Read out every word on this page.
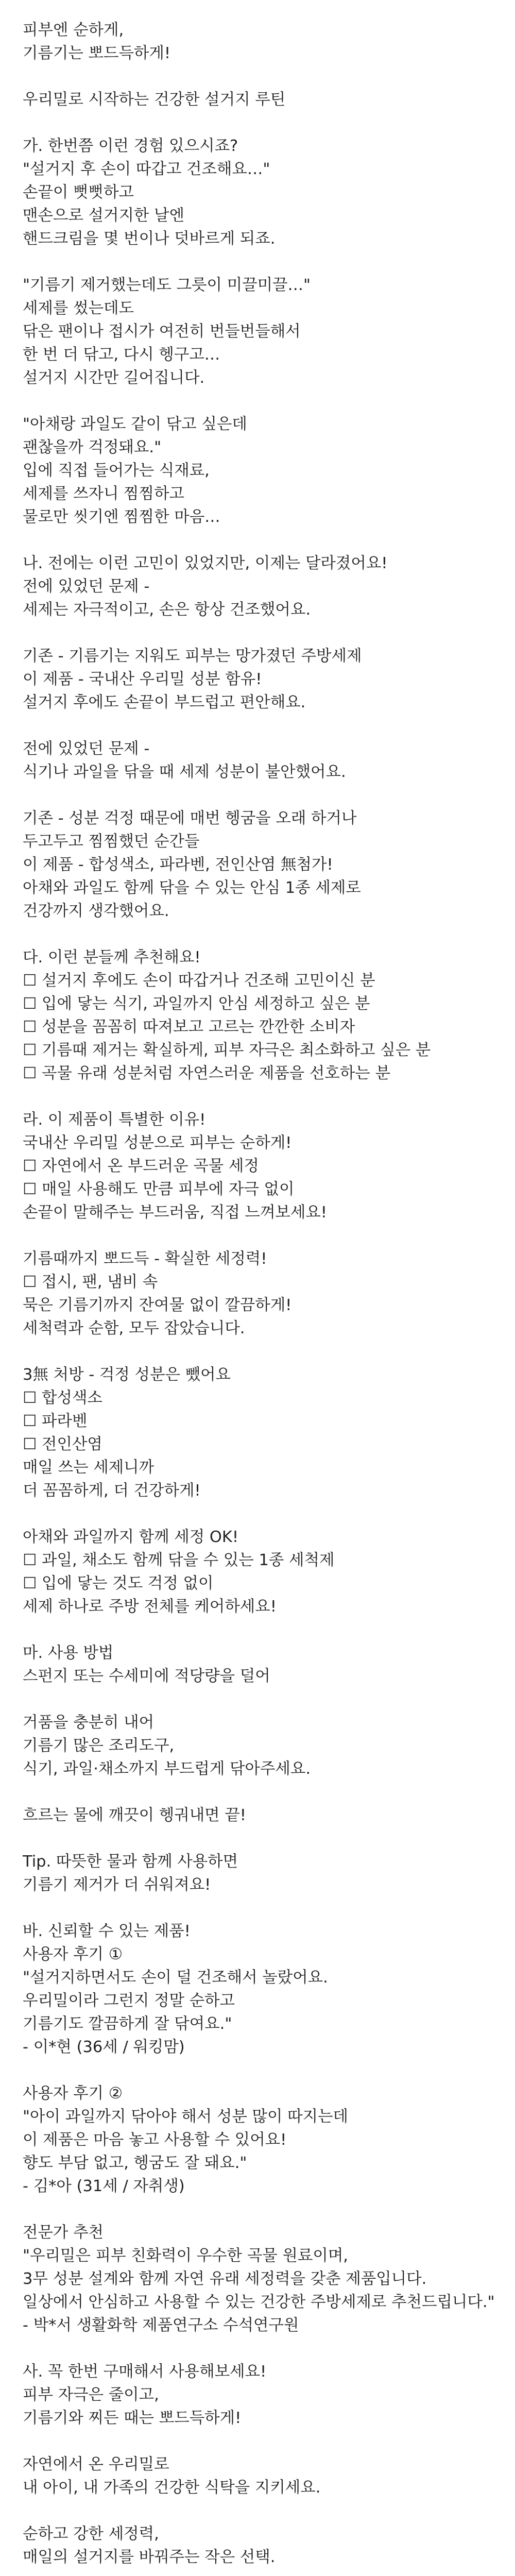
피부엔 순하게,
기름기는 뽀드득하게!
우리밀로 시작하는 건강한 설거지 루틴
가. 한번쯤 이런 경험 있으시죠?
"설거지 후 손이 따갑고 건조해요…"
손끝이 뻣뻣하고
맨손으로 설거지한 날엔
핸드크림을 몇 번이나 덧바르게 되죠.
"기름기 제거했는데도 그릇이 미끌미끌…"
세제를 썼는데도
닦은 팬이나 접시가 여전히 번들번들해서
한 번 더 닦고, 다시 헹구고…
설거지 시간만 길어집니다.
"아채랑 과일도 같이 닦고 싶은데
괜찮을까 걱정돼요."
입에 직접 들어가는 식재료,
세제를 쓰자니 찜찜하고
물로만 씻기엔 찜찜한 마음…
나. 전에는 이런 고민이 있었지만, 이제는 달라졌어요!
전에 있었던 문제 -
세제는 자극적이고, 손은 항상 건조했어요.
기존 - 기름기는 지워도 피부는 망가졌던 주방세제
이 제품 - 국내산 우리밀 성분 함유!
설거지 후에도 손끝이 부드럽고 편안해요.
전에 있었던 문제 -
식기나 과일을 닦을 때 세제 성분이 불안했어요.
기존 - 성분 걱정 때문에 매번 헹굼을 오래 하거나
두고두고 찜찜했던 순간들
이 제품 - 합성색소, 파라벤, 전인산염 無첨가!
아채와 과일도 함께 닦을 수 있는 안심 1종 세제로
건강까지 생각했어요.
다. 이런 분들께 추천해요!
☐ 설거지 후에도 손이 따갑거나 건조해 고민이신 분
☐ 입에 닿는 식기, 과일까지 안심 세정하고 싶은 분
☐ 성분을 꼼꼼히 따져보고 고르는 깐깐한 소비자
☐ 기름때 제거는 확실하게, 피부 자극은 최소화하고 싶은 분
☐ 곡물 유래 성분처럼 자연스러운 제품을 선호하는 분
라. 이 제품이 특별한 이유!
국내산 우리밀 성분으로 피부는 순하게!
☐ 자연에서 온 부드러운 곡물 세정
☐ 매일 사용해도 만큼 피부에 자극 없이
손끝이 말해주는 부드러움, 직접 느껴보세요!
기름때까지 뽀드득 - 확실한 세정력!
☐ 접시, 팬, 냄비 속
묵은 기름기까지 잔여물 없이 깔끔하게!
세척력과 순함, 모두 잡았습니다.
3無 처방 - 걱정 성분은 뺐어요
☐ 합성색소
☐ 파라벤
☐ 전인산염
매일 쓰는 세제니까
더 꼼꼼하게, 더 건강하게!
아채와 과일까지 함께 세정 OK!
☐ 과일, 채소도 함께 닦을 수 있는 1종 세척제
☐ 입에 닿는 것도 걱정 없이
세제 하나로 주방 전체를 케어하세요!
마. 사용 방법
스펀지 또는 수세미에 적당량을 덜어
거품을 충분히 내어
기름기 많은 조리도구,
식기, 과일·채소까지 부드럽게 닦아주세요.
흐르는 물에 깨끗이 헹궈내면 끝!
Tip. 따뜻한 물과 함께 사용하면
기름기 제거가 더 쉬워져요!
바. 신뢰할 수 있는 제품!
사용자 후기 ①
"설거지하면서도 손이 덜 건조해서 놀랐어요.
우리밀이라 그런지 정말 순하고
기름기도 깔끔하게 잘 닦여요."
- 이*현 (36세 / 워킹맘)
사용자 후기 ②
"아이 과일까지 닦아야 해서 성분 많이 따지는데
이 제품은 마음 놓고 사용할 수 있어요!
향도 부담 없고, 헹굼도 잘 돼요."
- 김*아 (31세 / 자취생)
전문가 추천
"우리밀은 피부 친화력이 우수한 곡물 원료이며,
3무 성분 설계와 함께 자연 유래 세정력을 갖춘 제품입니다.
일상에서 안심하고 사용할 수 있는 건강한 주방세제로 추천드립니다."
- 박*서 생활화학 제품연구소 수석연구원
사. 꼭 한번 구매해서 사용해보세요!
피부 자극은 줄이고,
기름기와 찌든 때는 뽀드득하게!
자연에서 온 우리밀로
내 아이, 내 가족의 건강한 식탁을 지키세요.
순하고 강한 세정력,
매일의 설거지를 바꿔주는 작은 선택.
